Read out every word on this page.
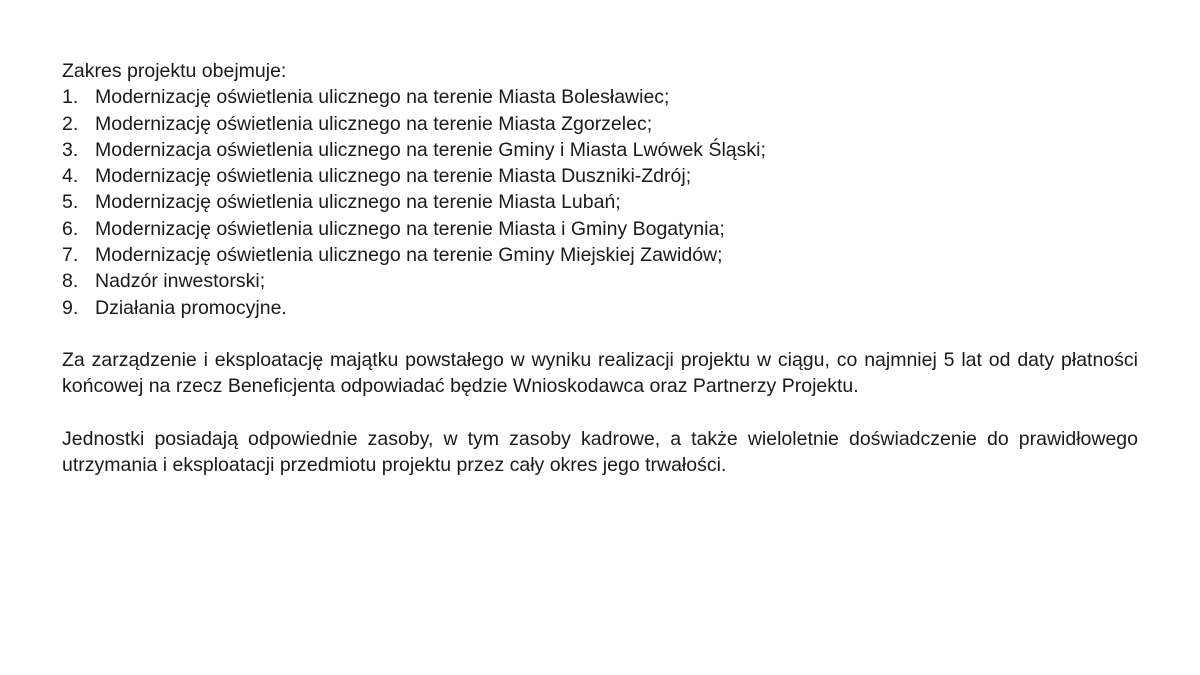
Zakres projektu obejmuje:

1. Modernizację oświetlenia ulicznego na terenie Miasta Bolesławiec;
2. Modernizację oświetlenia ulicznego na terenie Miasta Zgorzelec;
3. Modernizacja oświetlenia ulicznego na terenie Gminy i Miasta Lwówek Śląski;
4. Modernizację oświetlenia ulicznego na terenie Miasta Duszniki-Zdrój;
5. Modernizację oświetlenia ulicznego na terenie Miasta Lubań;
6. Modernizację oświetlenia ulicznego na terenie Miasta i Gminy Bogatynia;
7. Modernizację oświetlenia ulicznego na terenie Gminy Miejskiej Zawidów;
8. Nadzór inwestorski;
9. Działania promocyjne.

Za zarządzenie i eksploatację majątku powstałego w wyniku realizacji projektu w ciągu, co najmniej 5 lat od daty płatności końcowej na rzecz Beneficjenta odpowiadać będzie Wnioskodawca oraz Partnerzy Projektu.

Jednostki posiadają odpowiednie zasoby, w tym zasoby kadrowe, a także wieloletnie doświadczenie do prawidłowego utrzymania i eksploatacji przedmiotu projektu przez cały okres jego trwałości.
